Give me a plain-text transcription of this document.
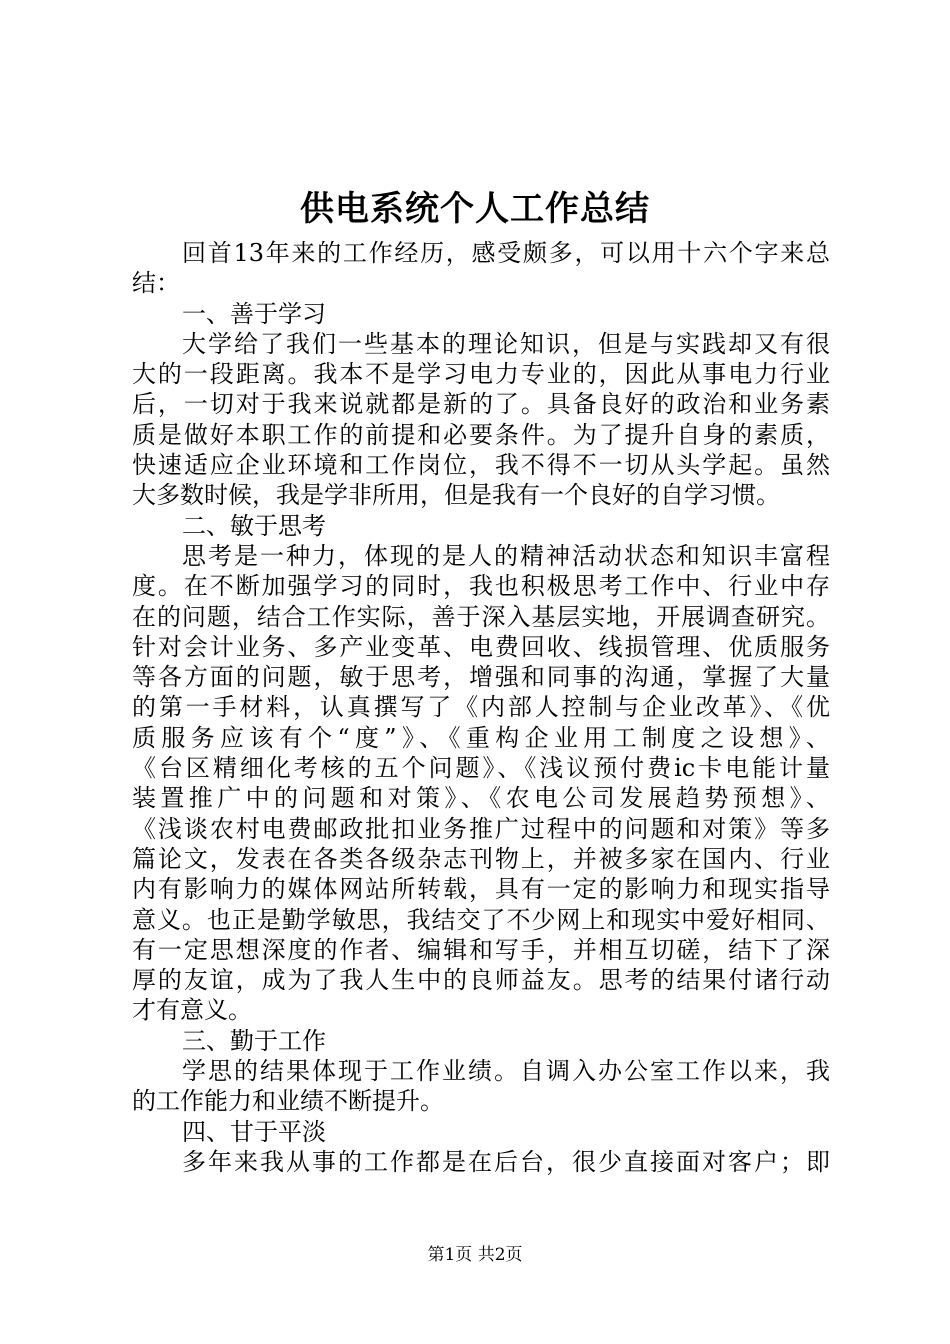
供电系统个人工作总结
回首13年来的工作经历，感受颇多，可以用十六个字来总
结：
一、善于学习
大学给了我们一些基本的理论知识，但是与实践却又有很
大的一段距离。我本不是学习电力专业的，因此从事电力行业
后，一切对于我来说就都是新的了。具备良好的政治和业务素
质是做好本职工作的前提和必要条件。为了提升自身的素质，
快速适应企业环境和工作岗位，我不得不一切从头学起。虽然
大多数时候，我是学非所用，但是我有一个良好的自学习惯。
二、敏于思考
思考是一种力，体现的是人的精神活动状态和知识丰富程
度。在不断加强学习的同时，我也积极思考工作中、行业中存
在的问题，结合工作实际，善于深入基层实地，开展调查研究。
针对会计业务、多产业变革、电费回收、线损管理、优质服务
等各方面的问题，敏于思考，增强和同事的沟通，掌握了大量
的第一手材料，认真撰写了《内部人控制与企业改革》、《优
质服务应该有个“度”》、《重构企业用工制度之设想》、
《台区精细化考核的五个问题》、《浅议预付费ic卡电能计量
装置推广中的问题和对策》、《农电公司发展趋势预想》、
《浅谈农村电费邮政批扣业务推广过程中的问题和对策》等多
篇论文，发表在各类各级杂志刊物上，并被多家在国内、行业
内有影响力的媒体网站所转载，具有一定的影响力和现实指导
意义。也正是勤学敏思，我结交了不少网上和现实中爱好相同、
有一定思想深度的作者、编辑和写手，并相互切磋，结下了深
厚的友谊，成为了我人生中的良师益友。思考的结果付诸行动
才有意义。
三、勤于工作
学思的结果体现于工作业绩。自调入办公室工作以来，我
的工作能力和业绩不断提升。
四、甘于平淡
多年来我从事的工作都是在后台，很少直接面对客户；即
第1页 共2页
